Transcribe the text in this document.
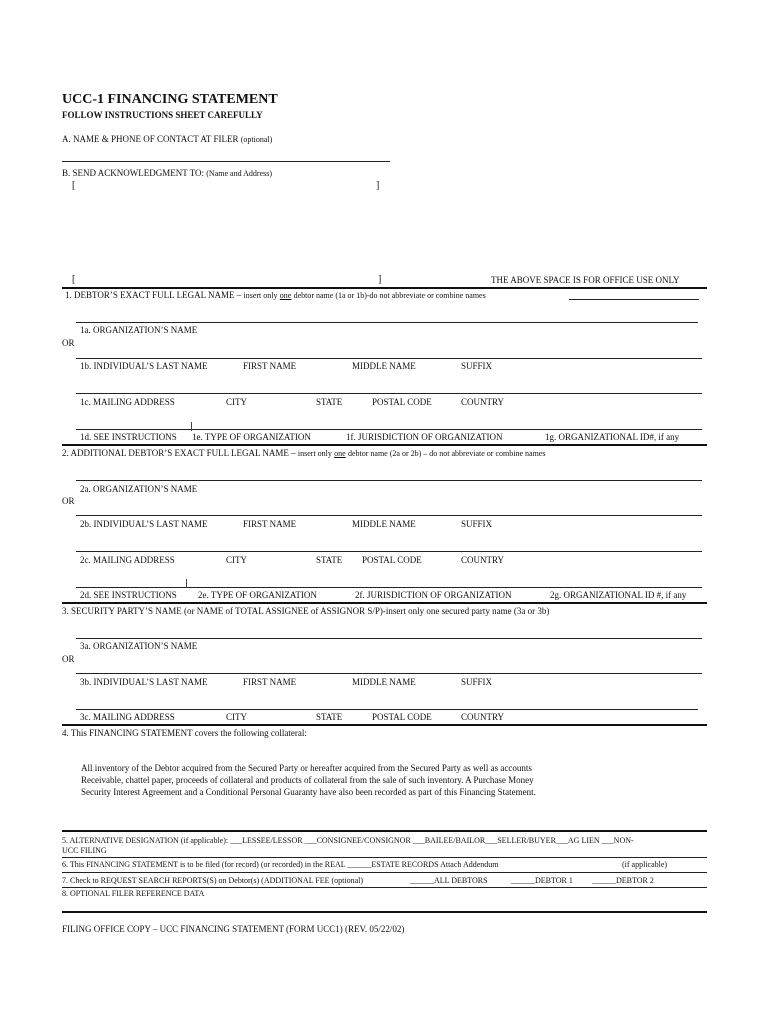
UCC-1 FINANCING STATEMENT
FOLLOW INSTRUCTIONS SHEET CAREFULLY
A. NAME & PHONE OF CONTACT AT FILER (optional)
B. SEND ACKNOWLEDGMENT TO: (Name and Address)
[	]
[	]	THE ABOVE SPACE IS FOR OFFICE USE ONLY
1. DEBTOR’S EXACT FULL LEGAL NAME – insert only one debtor name (1a or 1b)-do not abbreviate or combine names
1a. ORGANIZATION’S NAME
OR
1b. INDIVIDUAL’S LAST NAME	FIRST NAME	MIDDLE NAME	SUFFIX
1c. MAILING ADDRESS	CITY	STATE	POSTAL CODE	COUNTRY
1d. SEE INSTRUCTIONS 1e. TYPE OF ORGANIZATION	1f. JURISDICTION OF ORGANIZATION	1g. ORGANIZATIONAL ID#, if any
2. ADDITIONAL DEBTOR’S EXACT FULL LEGAL NAME – insert only one debtor name (2a or 2b) – do not abbreviate or combine names
2a. ORGANIZATION’S NAME
OR
2b. INDIVIDUAL’S LAST NAME	FIRST NAME	MIDDLE NAME	SUFFIX
2c. MAILING ADDRESS	CITY	STATE POSTAL CODE	COUNTRY
2d. SEE INSTRUCTIONS 2e. TYPE OF ORGANIZATION	2f. JURISDICTION OF ORGANIZATION	2g. ORGANIZATIONAL ID #, if any
3. SECURITY PARTY’S NAME (or NAME of TOTAL ASSIGNEE of ASSIGNOR S/P)-insert only one secured party name (3a or 3b)
3a. ORGANIZATION’S NAME
OR
3b. INDIVIDUAL’S LAST NAME	FIRST NAME	MIDDLE NAME	SUFFIX
3c. MAILING ADDRESS	CITY	STATE	POSTAL CODE	COUNTRY
4. This FINANCING STATEMENT covers the following collateral:
All inventory of the Debtor acquired from the Secured Party or hereafter acquired from the Secured Party as well as accounts
Receivable, chattel paper, proceeds of collateral and products of collateral from the sale of such inventory. A Purchase Money
Security Interest Agreement and a Conditional Personal Guaranty have also been recorded as part of this Financing Statement.
5. ALTERNATIVE DESIGNATION (if applicable): ___LESSEE/LESSOR ___CONSIGNEE/CONSIGNOR ___BAILEE/BAILOR___SELLER/BUYER___AG LIEN ___NON-
UCC FILING
6. This FINANCING STATEMENT is to be filed (for record) (or recorded) in the REAL ______ESTATE RECORDS Attach Addendum	(if applicable)
7. Check to REQUEST SEARCH REPORTS(S) on Debtor(s) (ADDITIONAL FEE (optional)	______ALL DEBTORS	______DEBTOR 1 ______DEBTOR 2
8. OPTIONAL FILER REFERENCE DATA
FILING OFFICE COPY – UCC FINANCING STATEMENT (FORM UCC1) (REV. 05/22/02)
